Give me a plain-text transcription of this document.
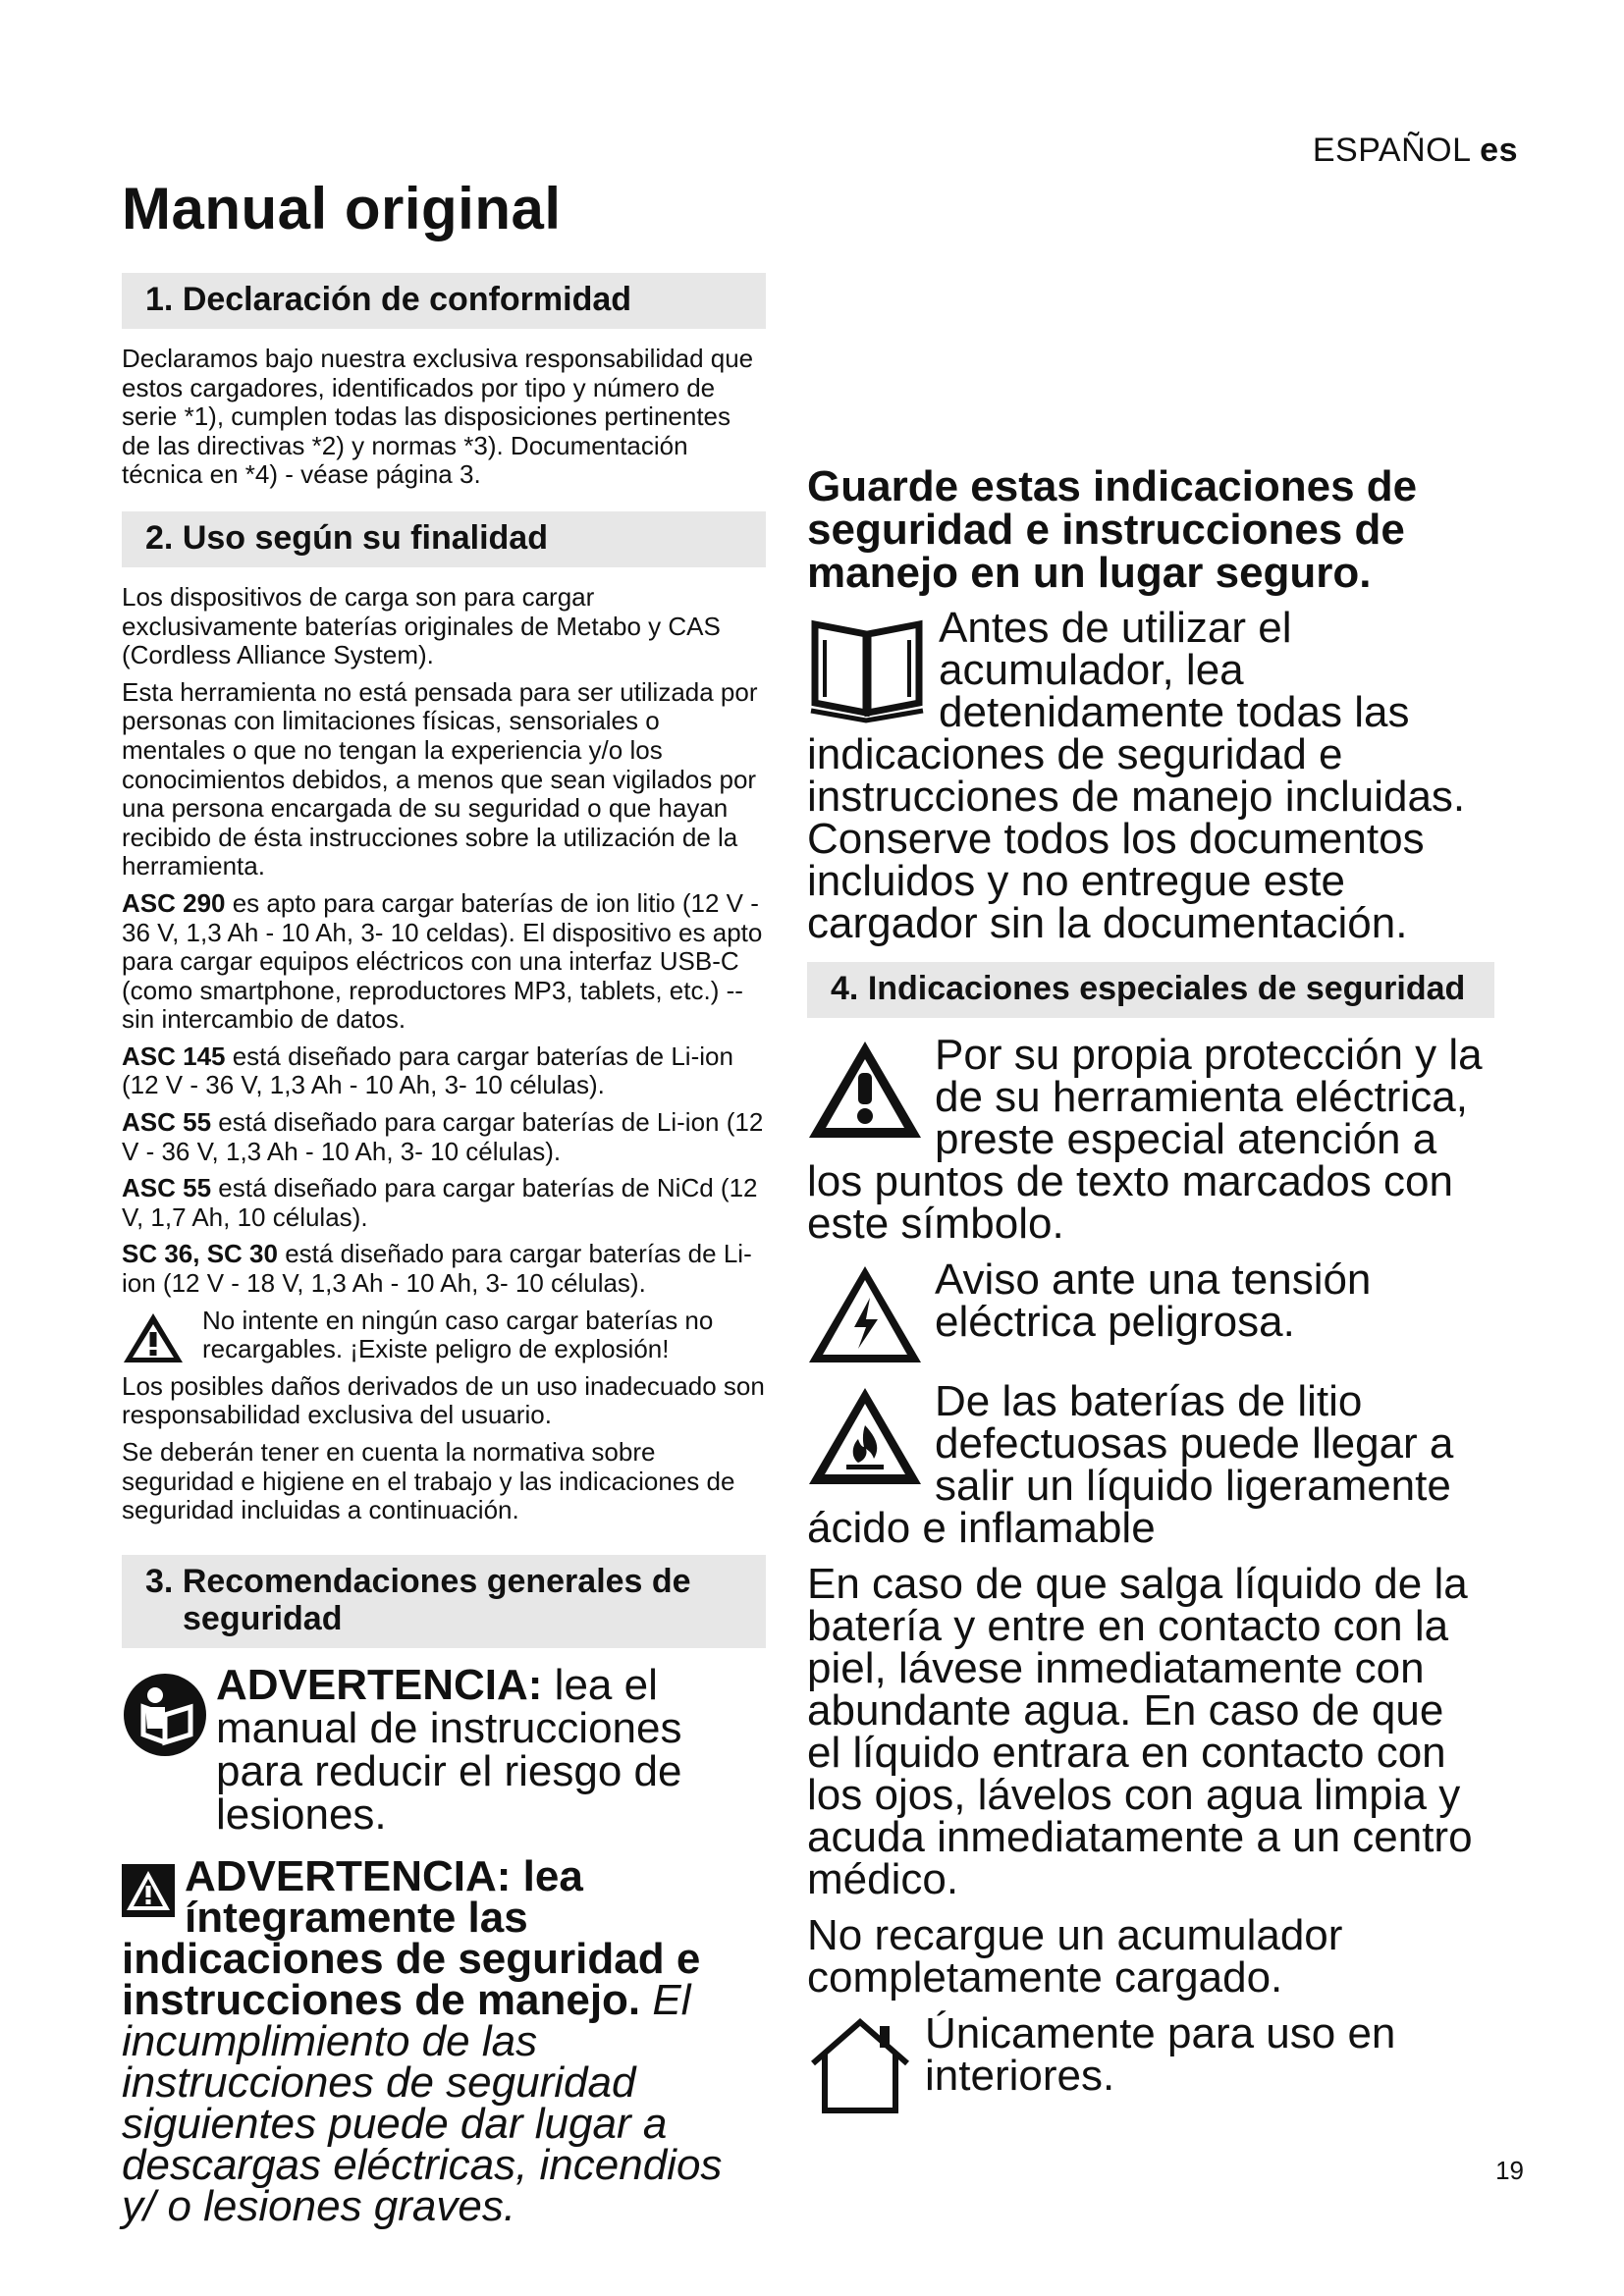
ESPAÑOL es
Manual original
1. Declaración de conformidad

Declaramos bajo nuestra exclusiva responsabilidad que estos cargadores, identificados por tipo y número de serie *1), cumplen todas las disposiciones pertinentes de las directivas *2) y normas *3). Documentación técnica en *4) - véase página 3.

2. Uso según su finalidad

Los dispositivos de carga son para cargar exclusivamente baterías originales de Metabo y CAS (Cordless Alliance System).

Esta herramienta no está pensada para ser utilizada por personas con limitaciones físicas, sensoriales o mentales o que no tengan la experiencia y/o los conocimientos debidos, a menos que sean vigilados por una persona encargada de su seguridad o que hayan recibido de ésta instrucciones sobre la utilización de la herramienta.

ASC 290 es apto para cargar baterías de ion litio (12 V - 36 V, 1,3 Ah - 10 Ah, 3- 10 celdas). El dispositivo es apto para cargar equipos eléctricos con una interfaz USB-C (como smartphone, reproductores MP3, tablets, etc.) -- sin intercambio de datos.

ASC 145 está diseñado para cargar baterías de Li-ion (12 V - 36 V, 1,3 Ah - 10 Ah, 3- 10 células).

ASC 55 está diseñado para cargar baterías de Li-ion (12 V - 36 V, 1,3 Ah - 10 Ah, 3- 10 células).

ASC 55 está diseñado para cargar baterías de NiCd (12 V, 1,7 Ah, 10 células).

SC 36, SC 30 está diseñado para cargar baterías de Li-ion (12 V - 18 V, 1,3 Ah - 10 Ah, 3- 10 células).

No intente en ningún caso cargar baterías no recargables. ¡Existe peligro de explosión!

Los posibles daños derivados de un uso inadecuado son responsabilidad exclusiva del usuario.

Se deberán tener en cuenta la normativa sobre seguridad e higiene en el trabajo y las indicaciones de seguridad incluidas a continuación.

3. Recomendaciones generales de seguridad
ADVERTENCIA: lea el manual de instrucciones para reducir el riesgo de lesiones.
ADVERTENCIA: lea íntegramente las indicaciones de seguridad e instrucciones de manejo. El incumplimiento de las instrucciones de seguridad siguientes puede dar lugar a descargas eléctricas, incendios y/ o lesiones graves.

Guarde estas indicaciones de seguridad e instrucciones de manejo en un lugar seguro.

Antes de utilizar el acumulador, lea detenidamente todas las indicaciones de seguridad e instrucciones de manejo incluidas. Conserve todos los documentos incluidos y no entregue este cargador sin la documentación.
4. Indicaciones especiales de seguridad
Por su propia protección y la de su herramienta eléctrica, preste especial atención a los puntos de texto marcados con este símbolo.
Aviso ante una tensión eléctrica peligrosa.
De las baterías de litio defectuosas puede llegar a salir un líquido ligeramente ácido e inflamable

En caso de que salga líquido de la batería y entre en contacto con la piel, lávese inmediatamente con abundante agua. En caso de que el líquido entrara en contacto con los ojos, lávelos con agua limpia y acuda inmediatamente a un centro médico.

No recargue un acumulador completamente cargado.

Únicamente para uso en interiores.
19
